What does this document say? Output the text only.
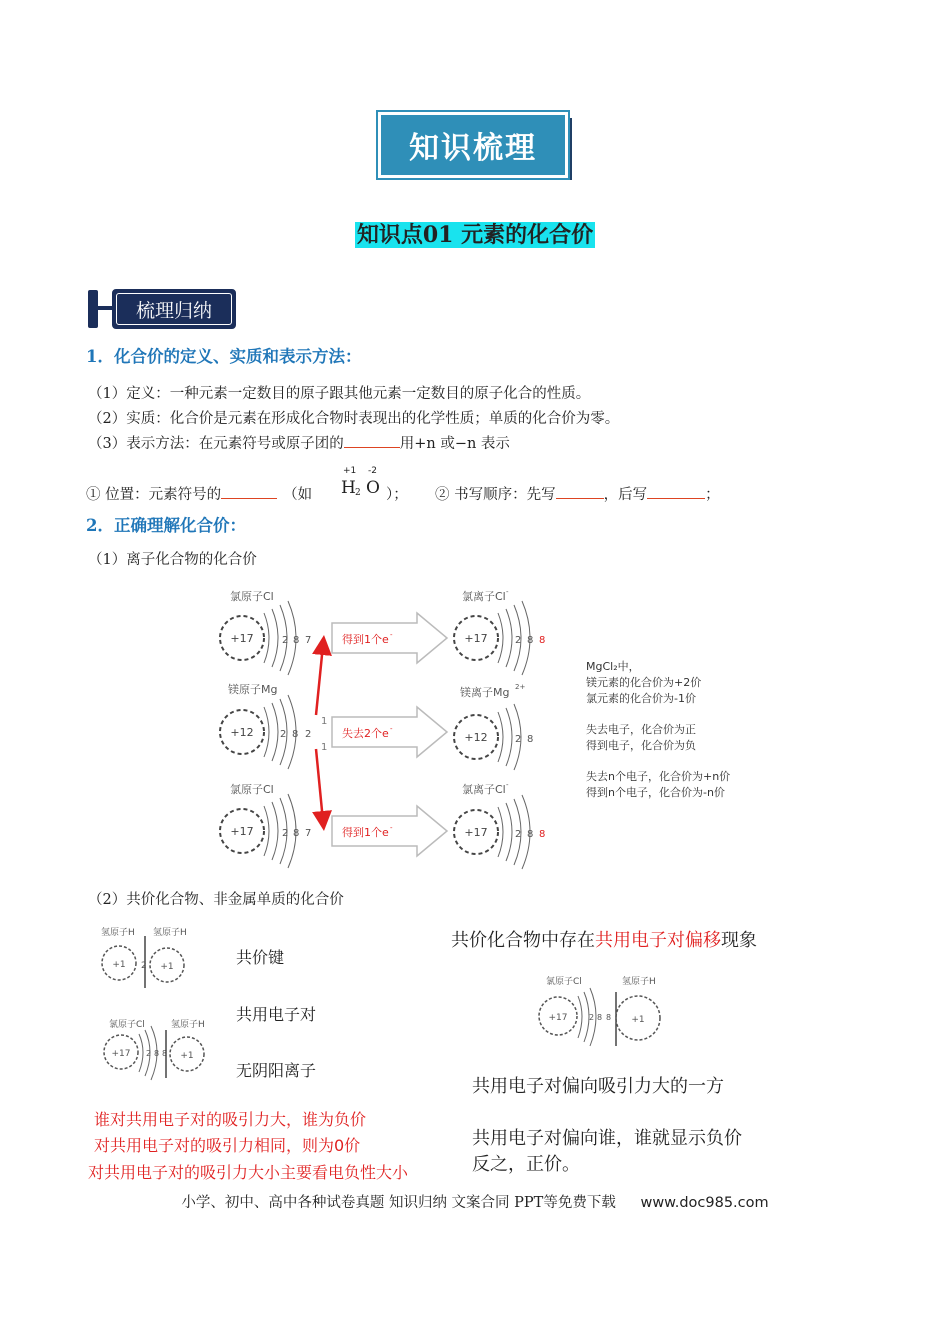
知识梳理
知识点01 元素的化合价
梳理归纳
1．化合价的定义、实质和表示方法：
（1）定义：一种元素一定数目的原子跟其他元素一定数目的原子化合的性质。
（2）实质：化合价是元素在形成化合物时表现出的化学性质；单质的化合价为零。
（3）表示方法：在元素符号或原子团的	用+n 或−n 表示
① 位置：元素符号的	（如
+1 -2
H 2 O ）； ② 书写顺序：先写	，后写	；
2．正确理解化合价：
（1）离子化合物的化合价
氯原子Cl
+17	2 8 7	得到1个e -
氯离子Cl -
+17	2 8 8
镁原子Mg
+12	2 8 2
1
1
失去2个e -
镁离子Mg 2+
+12	2 8
氯原子Cl
+17	2 8 7	得到1个e -
氯离子Cl -
+17	2 8 8
MgCl₂中，
镁元素的化合价为+2价
氯元素的化合价为-1价
失去电子，化合价为正
得到电子，化合价为负
失去n个电子，化合价为+n价
得到n个电子，化合价为-n价
（2）共价化合物、非金属单质的化合价
氢原子H 氢原子H
+1	+1
2
氯原子Cl	氢原子H
+17 2 8 8 +1
共价键
共用电子对
无阴阳离子
谁对共用电子对的吸引力大，谁为负价
对共用电子对的吸引力相同，则为0价
对共用电子对的吸引力大小主要看电负性大小
共价化合物中存在共用电子对偏移现象
氯原子Cl	氢原子H
+17	2 8 8 +1
共用电子对偏向吸引力大的一方
共用电子对偏向谁，谁就显示负价
反之，正价。
小学、初中、高中各种试卷真题 知识归纳 文案合同 PPT等免费下载 www.doc985.com
